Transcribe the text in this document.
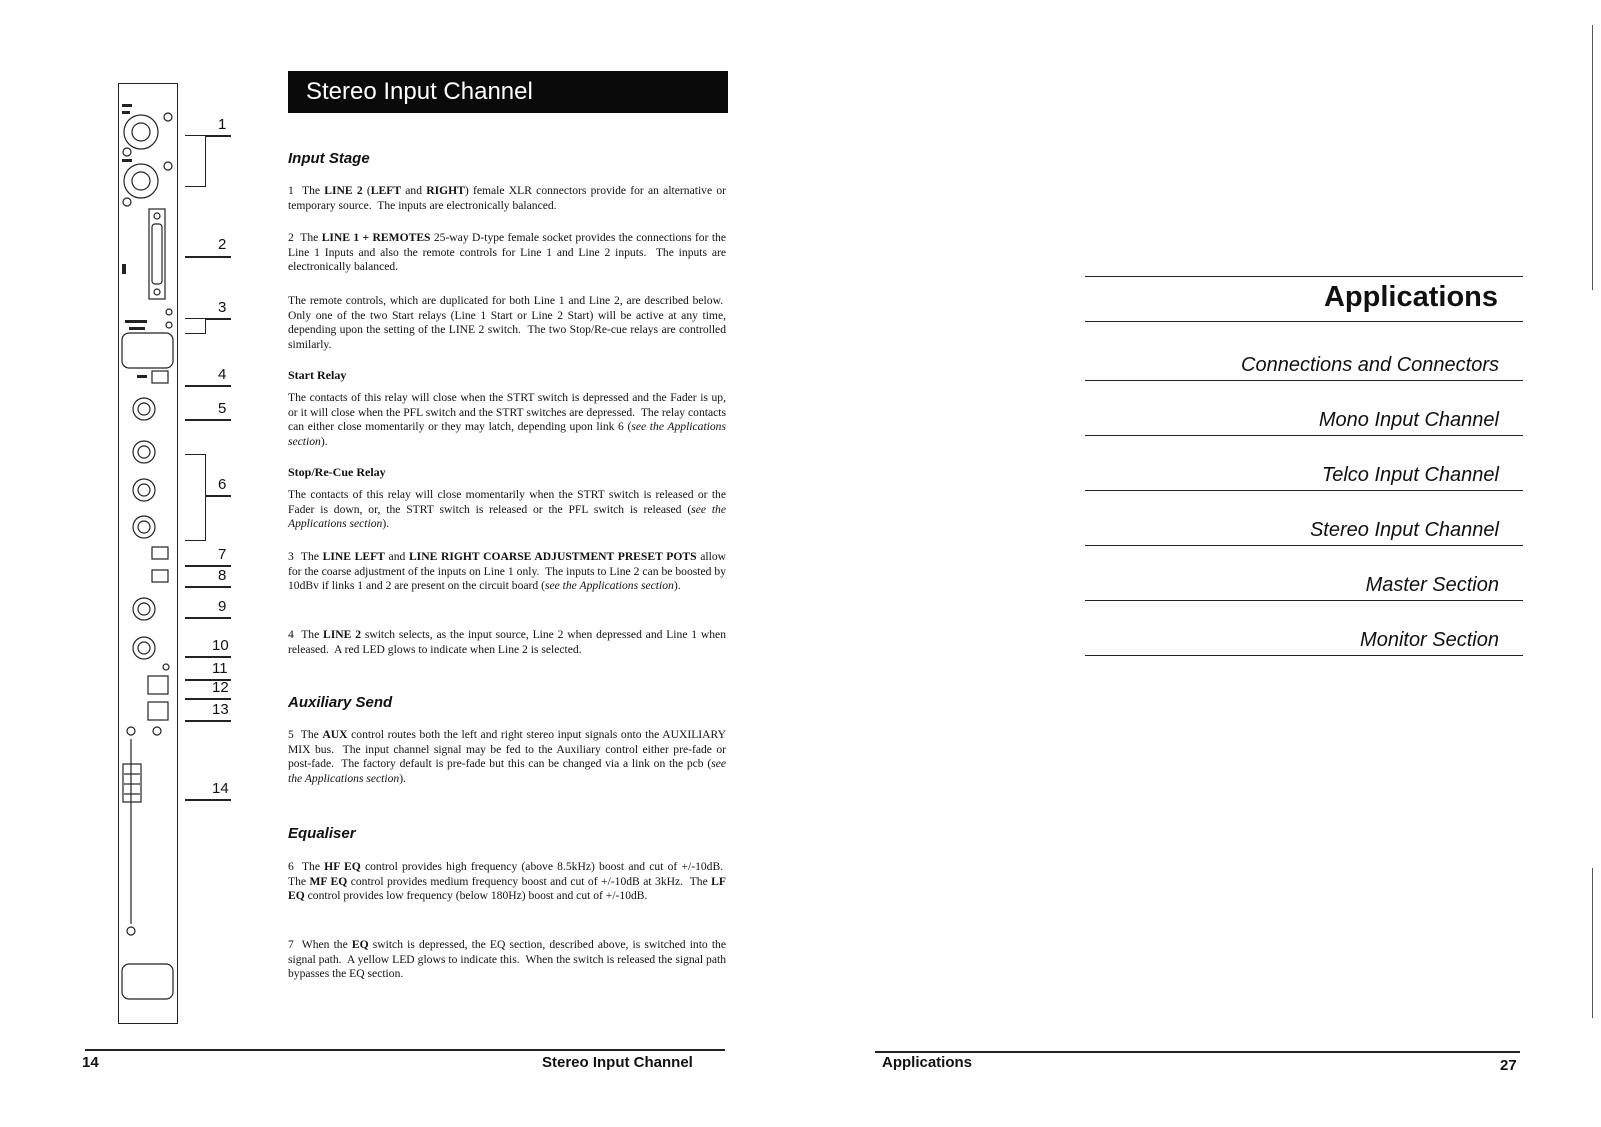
1
2
3
4
5
6
7
8
9
10
11
12
13
14
Stereo Input Channel
Input Stage

1  The LINE 2 (LEFT and RIGHT) female XLR connectors provide for an alternative or temporary source.  The inputs are electronically balanced.

2  The LINE 1 + REMOTES 25-way D-type female socket provides the connections for the Line 1 Inputs and also the remote controls for Line 1 and Line 2 inputs.  The inputs are electronically balanced.

The remote controls, which are duplicated for both Line 1 and Line 2, are described below.  Only one of the two Start relays (Line 1 Start or Line 2 Start) will be active at any time, depending upon the setting of the LINE 2 switch.  The two Stop/Re-cue relays are controlled similarly.

Start Relay

The contacts of this relay will close when the STRT switch is depressed and the Fader is up, or it will close when the PFL switch and the STRT switches are depressed.  The relay contacts can either close momentarily or they may latch, depending upon link 6 (see the Applications section).

Stop/Re-Cue Relay

The contacts of this relay will close momentarily when the STRT switch is released or the Fader is down, or, the STRT switch is released or the PFL switch is released (see the Applications section).

3  The LINE LEFT and LINE RIGHT COARSE ADJUSTMENT PRESET POTS allow for the coarse adjustment of the inputs on Line 1 only.  The inputs to Line 2 can be boosted by 10dBv if links 1 and 2 are present on the circuit board (see the Applications section).

4  The LINE 2 switch selects, as the input source, Line 2 when depressed and Line 1 when released.  A red LED glows to indicate when Line 2 is selected.

Auxiliary Send

5  The AUX control routes both the left and right stereo input signals onto the AUXILIARY MIX bus.  The input channel signal may be fed to the Auxiliary control either pre-fade or post-fade.  The factory default is pre-fade but this can be changed via a link on the pcb (see the Applications section).

Equaliser

6  The HF EQ control provides high frequency (above 8.5kHz) boost and cut of +/-10dB.  The MF EQ control provides medium frequency boost and cut of +/-10dB at 3kHz.  The LF EQ control provides low frequency (below 180Hz) boost and cut of +/-10dB.

7  When the EQ switch is depressed, the EQ section, described above, is switched into the signal path.  A yellow LED glows to indicate this.  When the switch is released the signal path bypasses the EQ section.

14	Stereo Input Channel
Applications
Connections and Connectors
Mono Input Channel
Telco Input Channel
Stereo Input Channel
Master Section
Monitor Section
Applications	27
